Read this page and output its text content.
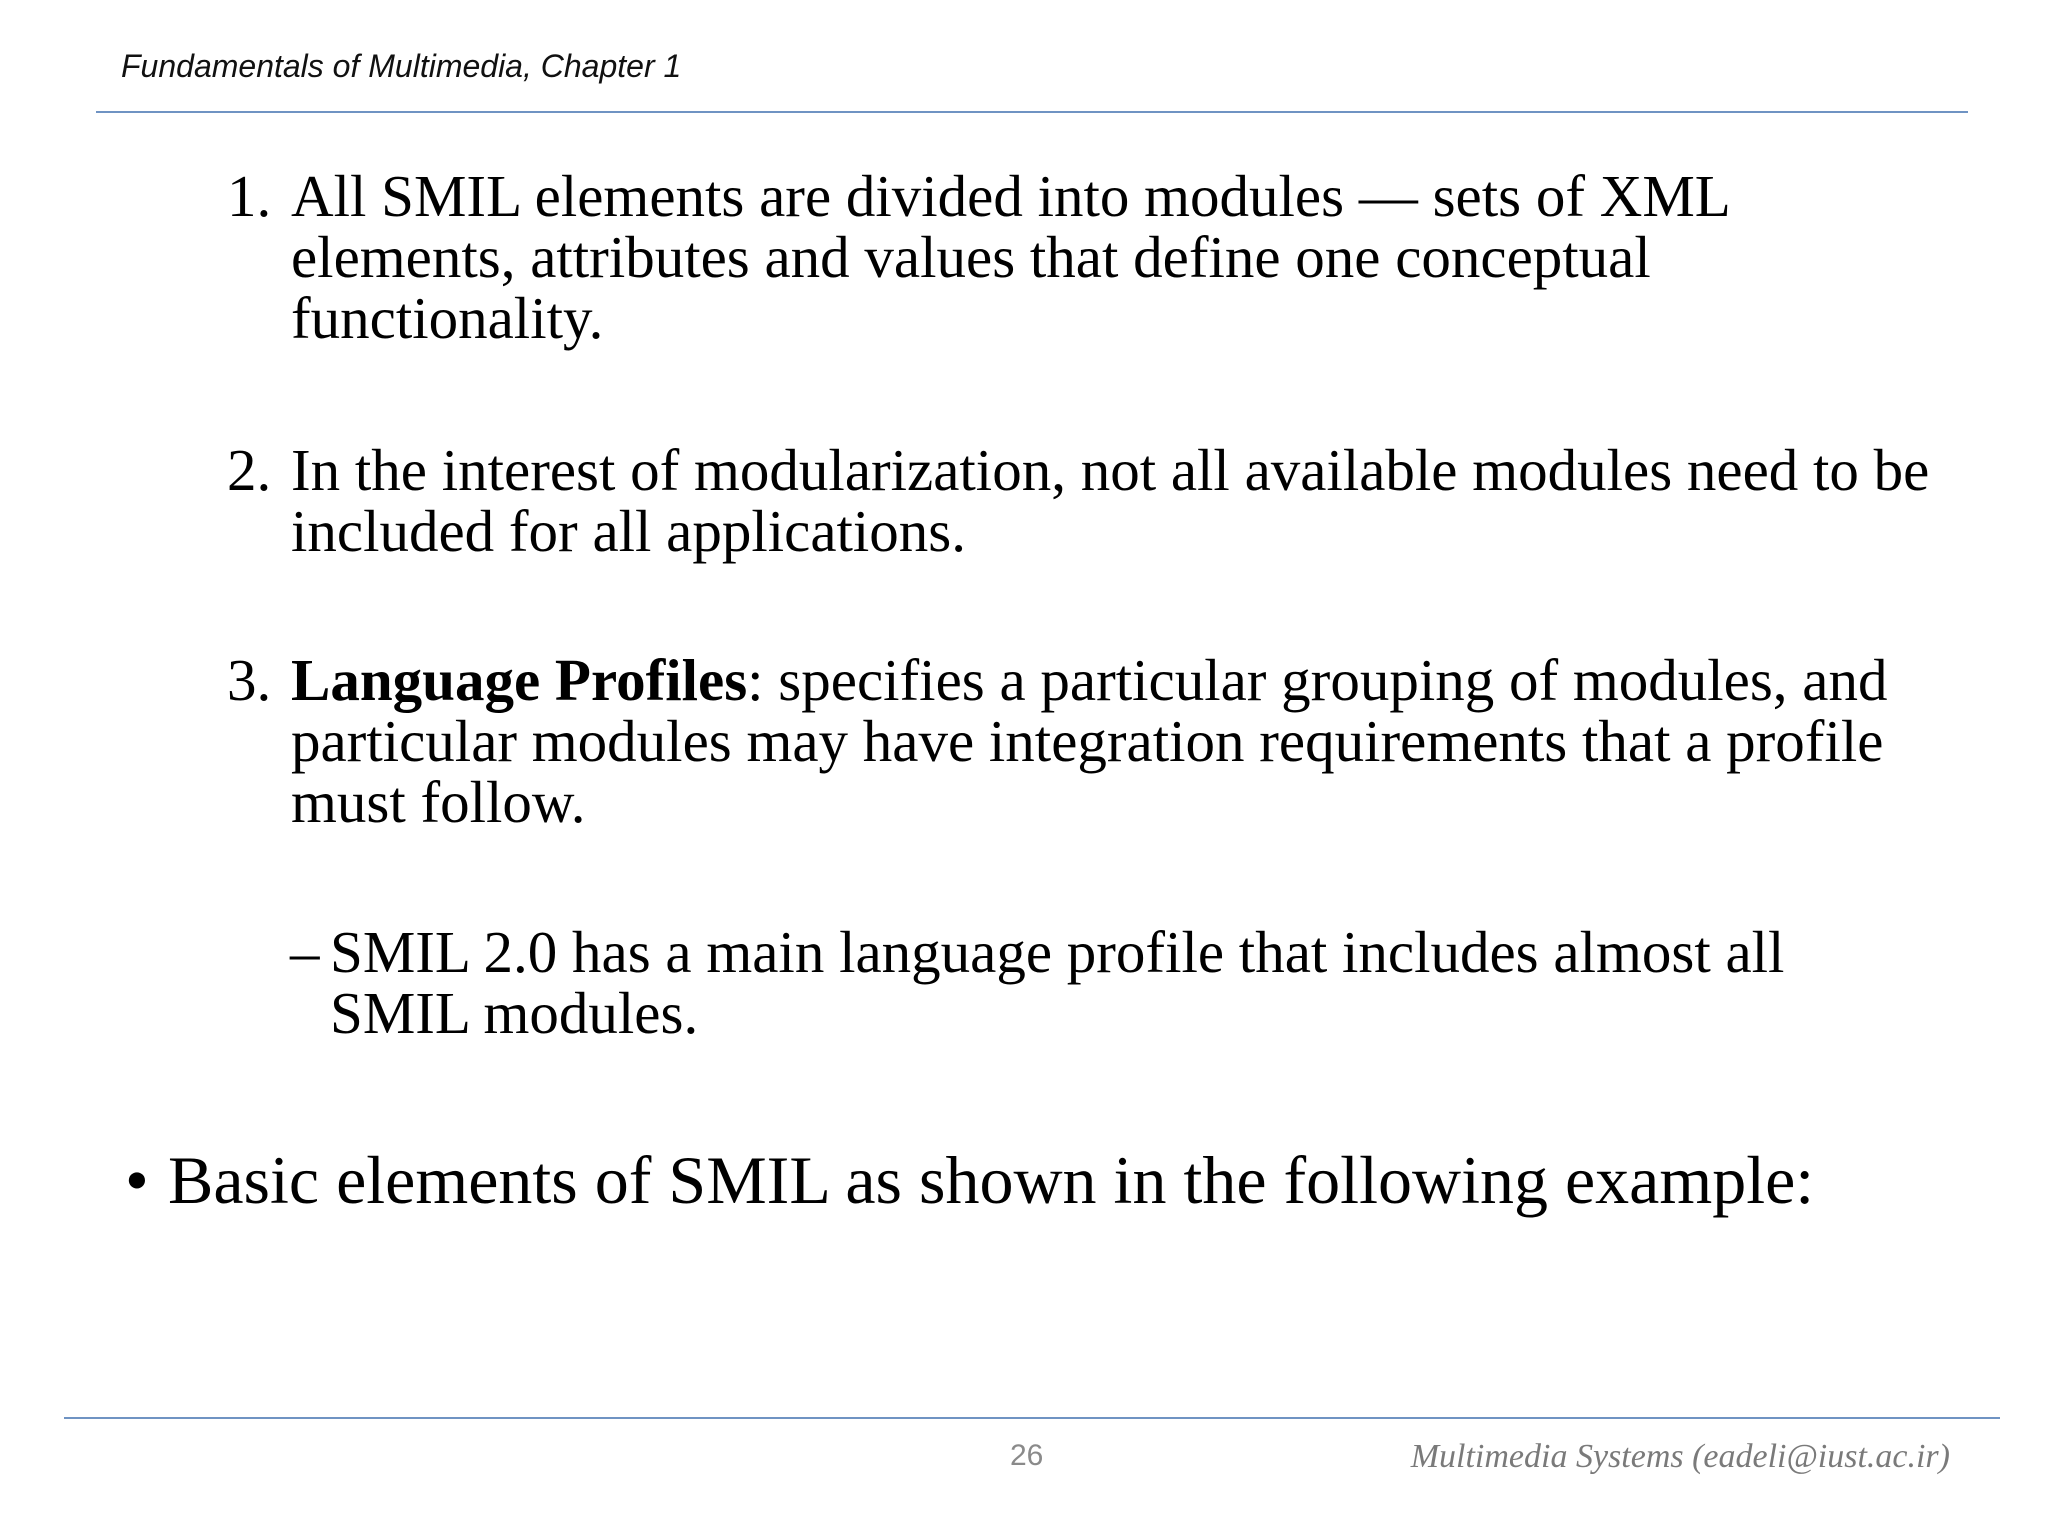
Fundamentals of Multimedia, Chapter 1
1. All SMIL elements are divided into modules — sets of XML elements, attributes and values that define one conceptual functionality.
2. In the interest of modularization, not all available modules need to be included for all applications.
3. Language Profiles: specifies a particular grouping of modules, and particular modules may have integration requirements that a profile must follow.
– SMIL 2.0 has a main language profile that includes almost all SMIL modules.
• Basic elements of SMIL as shown in the following example:
26	Multimedia Systems (eadeli@iust.ac.ir)
